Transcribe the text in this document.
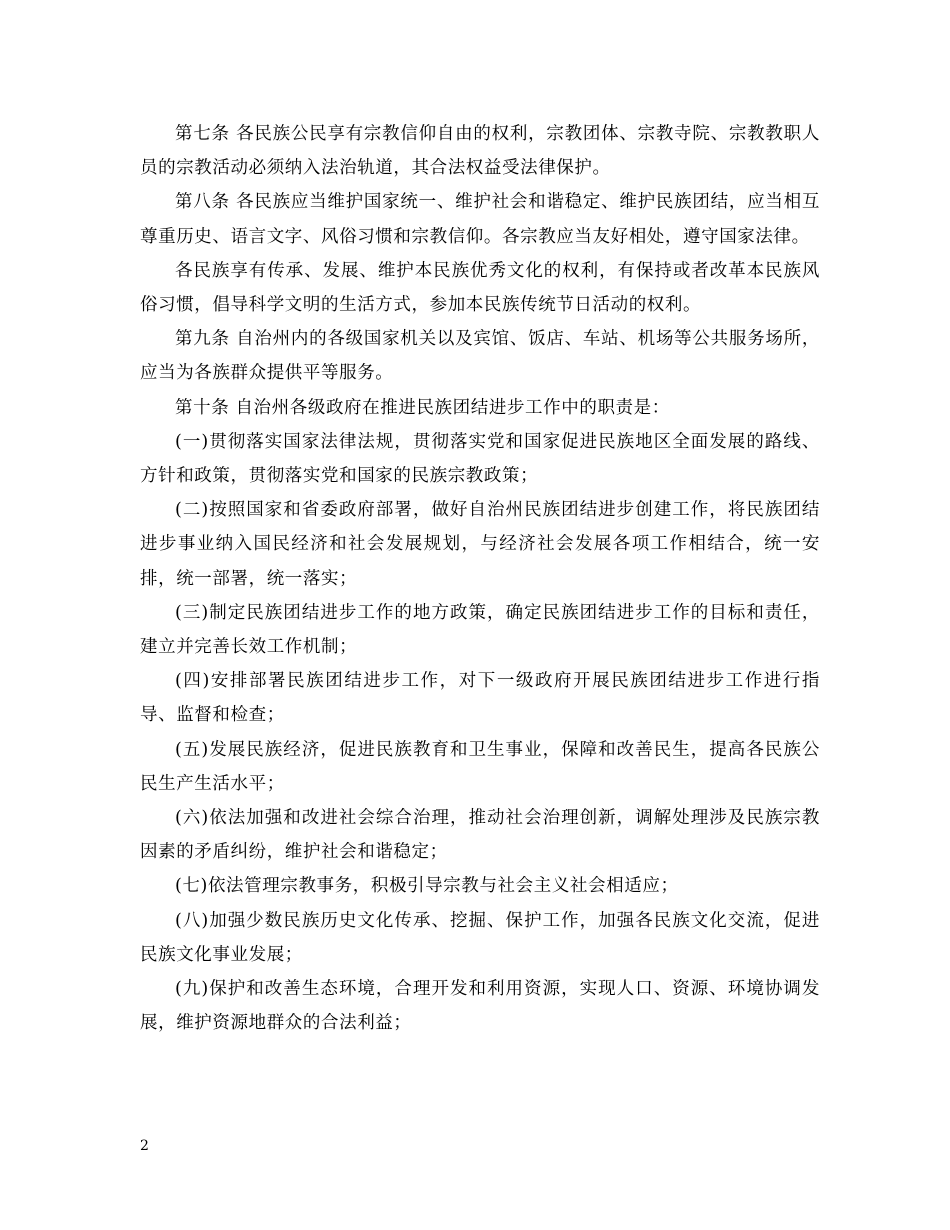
第七条 各民族公民享有宗教信仰自由的权利，宗教团体、宗教寺院、宗教教职人员的宗教活动必须纳入法治轨道，其合法权益受法律保护。

第八条 各民族应当维护国家统一、维护社会和谐稳定、维护民族团结，应当相互尊重历史、语言文字、风俗习惯和宗教信仰。各宗教应当友好相处，遵守国家法律。

各民族享有传承、发展、维护本民族优秀文化的权利，有保持或者改革本民族风俗习惯，倡导科学文明的生活方式，参加本民族传统节日活动的权利。

第九条 自治州内的各级国家机关以及宾馆、饭店、车站、机场等公共服务场所，应当为各族群众提供平等服务。

第十条 自治州各级政府在推进民族团结进步工作中的职责是：

(一)贯彻落实国家法律法规，贯彻落实党和国家促进民族地区全面发展的路线、方针和政策，贯彻落实党和国家的民族宗教政策；

(二)按照国家和省委政府部署，做好自治州民族团结进步创建工作，将民族团结进步事业纳入国民经济和社会发展规划，与经济社会发展各项工作相结合，统一安排，统一部署，统一落实；

(三)制定民族团结进步工作的地方政策，确定民族团结进步工作的目标和责任，建立并完善长效工作机制；

(四)安排部署民族团结进步工作，对下一级政府开展民族团结进步工作进行指导、监督和检查；

(五)发展民族经济，促进民族教育和卫生事业，保障和改善民生，提高各民族公民生产生活水平；

(六)依法加强和改进社会综合治理，推动社会治理创新，调解处理涉及民族宗教因素的矛盾纠纷，维护社会和谐稳定；

(七)依法管理宗教事务，积极引导宗教与社会主义社会相适应；

(八)加强少数民族历史文化传承、挖掘、保护工作，加强各民族文化交流，促进民族文化事业发展；

(九)保护和改善生态环境，合理开发和利用资源，实现人口、资源、环境协调发展，维护资源地群众的合法利益；

2
